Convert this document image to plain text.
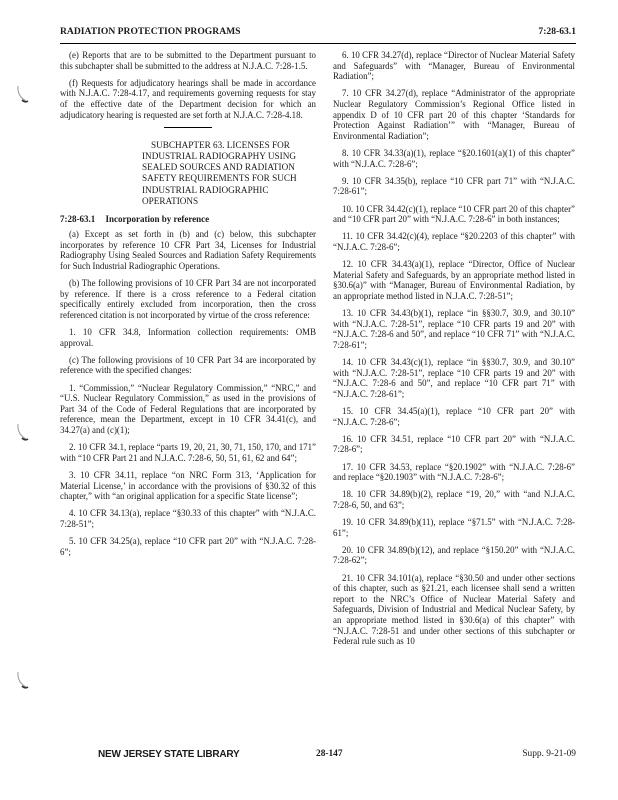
RADIATION PROTECTION PROGRAMS	7:28-63.1

(e) Reports that are to be submitted to the Department pursuant to this subchapter shall be submitted to the address at N.J.A.C. 7:28-1.5.

(f) Requests for adjudicatory hearings shall be made in accordance with N.J.A.C. 7:28-4.17, and requirements governing requests for stay of the effective date of the Department decision for which an adjudicatory hearing is requested are set forth at N.J.A.C. 7:28-4.18.

SUBCHAPTER 63. LICENSES FOR INDUSTRIAL RADIOGRAPHY USING SEALED SOURCES AND RADIATION SAFETY REQUIREMENTS FOR SUCH INDUSTRIAL RADIOGRAPHIC OPERATIONS

7:28-63.1 Incorporation by reference

(a) Except as set forth in (b) and (c) below, this subchapter incorporates by reference 10 CFR Part 34, Licenses for Industrial Radiography Using Sealed Sources and Radiation Safety Requirements for Such Industrial Radiographic Operations.

(b) The following provisions of 10 CFR Part 34 are not incorporated by reference. If there is a cross reference to a Federal citation specifically entirely excluded from incorporation, then the cross referenced citation is not incorporated by virtue of the cross reference:

1. 10 CFR 34.8, Information collection requirements: OMB approval.

(c) The following provisions of 10 CFR Part 34 are incorporated by reference with the specified changes:

1. “Commission,” “Nuclear Regulatory Commission,” “NRC,” and “U.S. Nuclear Regulatory Commission,” as used in the provisions of Part 34 of the Code of Federal Regulations that are incorporated by reference, mean the Department, except in 10 CFR 34.41(c), and 34.27(a) and (c)(1);

2. 10 CFR 34.1, replace “parts 19, 20, 21, 30, 71, 150, 170, and 171” with “10 CFR Part 21 and N.J.A.C. 7:28-6, 50, 51, 61, 62 and 64”;

3. 10 CFR 34.11, replace “on NRC Form 313, ‘Application for Material License,’ in accordance with the provisions of §30.32 of this chapter,” with “an original application for a specific State license”;

4. 10 CFR 34.13(a), replace “§30.33 of this chapter” with “N.J.A.C. 7:28-51”;

5. 10 CFR 34.25(a), replace “10 CFR part 20” with “N.J.A.C. 7:28-6”;

6. 10 CFR 34.27(d), replace “Director of Nuclear Material Safety and Safeguards” with “Manager, Bureau of Environmental Radiation”;

7. 10 CFR 34.27(d), replace “Administrator of the appropriate Nuclear Regulatory Commission’s Regional Office listed in appendix D of 10 CFR part 20 of this chapter ‘Standards for Protection Against Radiation’” with “Manager, Bureau of Environmental Radiation”;

8. 10 CFR 34.33(a)(1), replace “§20.1601(a)(1) of this chapter” with “N.J.A.C. 7:28-6”;

9. 10 CFR 34.35(b), replace “10 CFR part 71” with “N.J.A.C. 7:28-61”;

10. 10 CFR 34.42(c)(1), replace “10 CFR part 20 of this chapter” and “10 CFR part 20” with “N.J.A.C. 7:28-6” in both instances;

11. 10 CFR 34.42(c)(4), replace “§20.2203 of this chapter” with “N.J.A.C. 7:28-6”;

12. 10 CFR 34.43(a)(1), replace “Director, Office of Nuclear Material Safety and Safeguards, by an appropriate method listed in §30.6(a)” with “Manager, Bureau of Environmental Radiation, by an appropriate method listed in N.J.A.C. 7:28-51”;

13. 10 CFR 34.43(b)(1), replace “in §§30.7, 30.9, and 30.10” with “N.J.A.C. 7:28-51”, replace “10 CFR parts 19 and 20” with “N.J.A.C. 7:28-6 and 50”, and replace “10 CFR 71” with “N.J.A.C. 7:28-61”;

14. 10 CFR 34.43(c)(1), replace “in §§30.7, 30.9, and 30.10” with “N.J.A.C. 7:28-51”, replace “10 CFR parts 19 and 20” with “N.J.A.C. 7:28-6 and 50”, and replace “10 CFR part 71” with “N.J.A.C. 7:28-61”;

15. 10 CFR 34.45(a)(1), replace “10 CFR part 20” with “N.J.A.C. 7:28-6”;

16. 10 CFR 34.51, replace “10 CFR part 20” with “N.J.A.C. 7:28-6”;

17. 10 CFR 34.53, replace “§20.1902” with “N.J.A.C. 7:28-6” and replace “§20.1903” with “N.J.A.C. 7:28-6”;

18. 10 CFR 34.89(b)(2), replace “19, 20,” with “and N.J.A.C. 7:28-6, 50, and 63”;

19. 10 CFR 34.89(b)(11), replace “§71.5” with “N.J.A.C. 7:28-61”;

20. 10 CFR 34.89(b)(12), and replace “§150.20” with “N.J.A.C. 7:28-62”;

21. 10 CFR 34.101(a), replace “§30.50 and under other sections of this chapter, such as §21.21, each licensee shall send a written report to the NRC’s Office of Nuclear Material Safety and Safeguards, Division of Industrial and Medical Nuclear Safety, by an appropriate method listed in §30.6(a) of this chapter” with “N.J.A.C. 7:28-51 and under other sections of this subchapter or Federal rule such as 10

NEW JERSEY STATE LIBRARY	28-147	Supp. 9-21-09
